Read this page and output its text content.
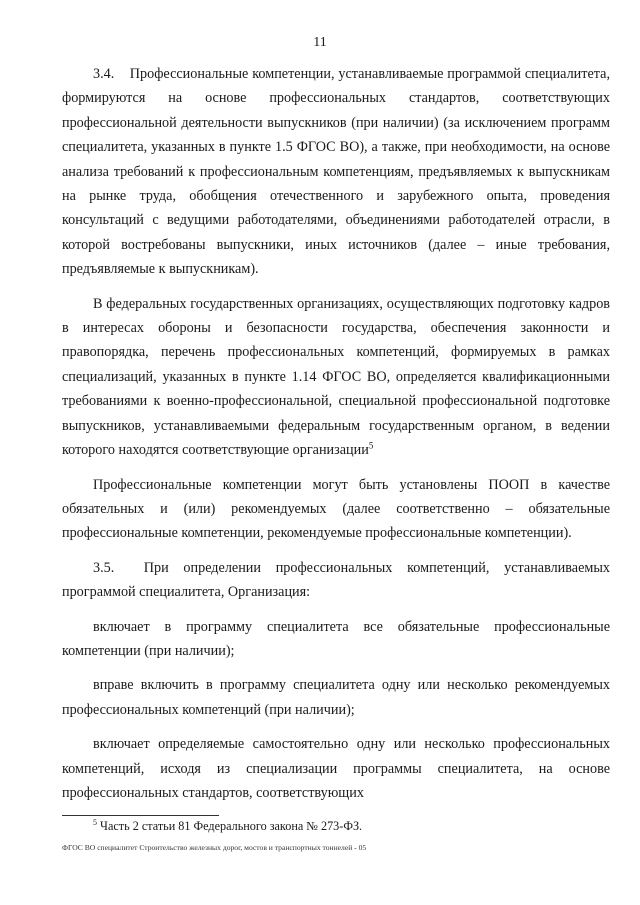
11

3.4.    Профессиональные компетенции, устанавливаемые программой специалитета, формируются на основе профессиональных стандартов, соответствующих профессиональной деятельности выпускников (при наличии) (за исключением программ специалитета, указанных в пункте 1.5 ФГОС ВО), а также, при необходимости, на основе анализа требований к профессиональным компетенциям, предъявляемых к выпускникам на рынке труда, обобщения отечественного и зарубежного опыта, проведения консультаций с ведущими работодателями, объединениями работодателей отрасли, в которой востребованы выпускники, иных источников (далее – иные требования, предъявляемые к выпускникам).

В федеральных государственных организациях, осуществляющих подготовку кадров в интересах обороны и безопасности государства, обеспечения законности и правопорядка, перечень профессиональных компетенций, формируемых в рамках специализаций, указанных в пункте 1.14 ФГОС ВО, определяется квалификационными требованиями к военно-профессиональной, специальной профессиональной подготовке выпускников, устанавливаемыми федеральным государственным органом, в ведении которого находятся соответствующие организации$^5$

Профессиональные компетенции могут быть установлены ПООП в качестве обязательных и (или) рекомендуемых (далее соответственно – обязательные профессиональные компетенции, рекомендуемые профессиональные компетенции).

3.5.  При определении профессиональных компетенций, устанавливаемых программой специалитета, Организация:

включает в программу специалитета все обязательные профессиональные компетенции (при наличии);

вправе включить в программу специалитета одну или несколько рекомендуемых профессиональных компетенций (при наличии);

включает определяемые самостоятельно одну или несколько профессиональных компетенций, исходя из специализации программы специалитета, на основе профессиональных стандартов, соответствующих

$^5$ Часть 2 статьи 81 Федерального закона № 273-ФЗ.
ФГОС ВО специалитет Строительство железных дорог, мостов и транспортных тоннелей - 05
